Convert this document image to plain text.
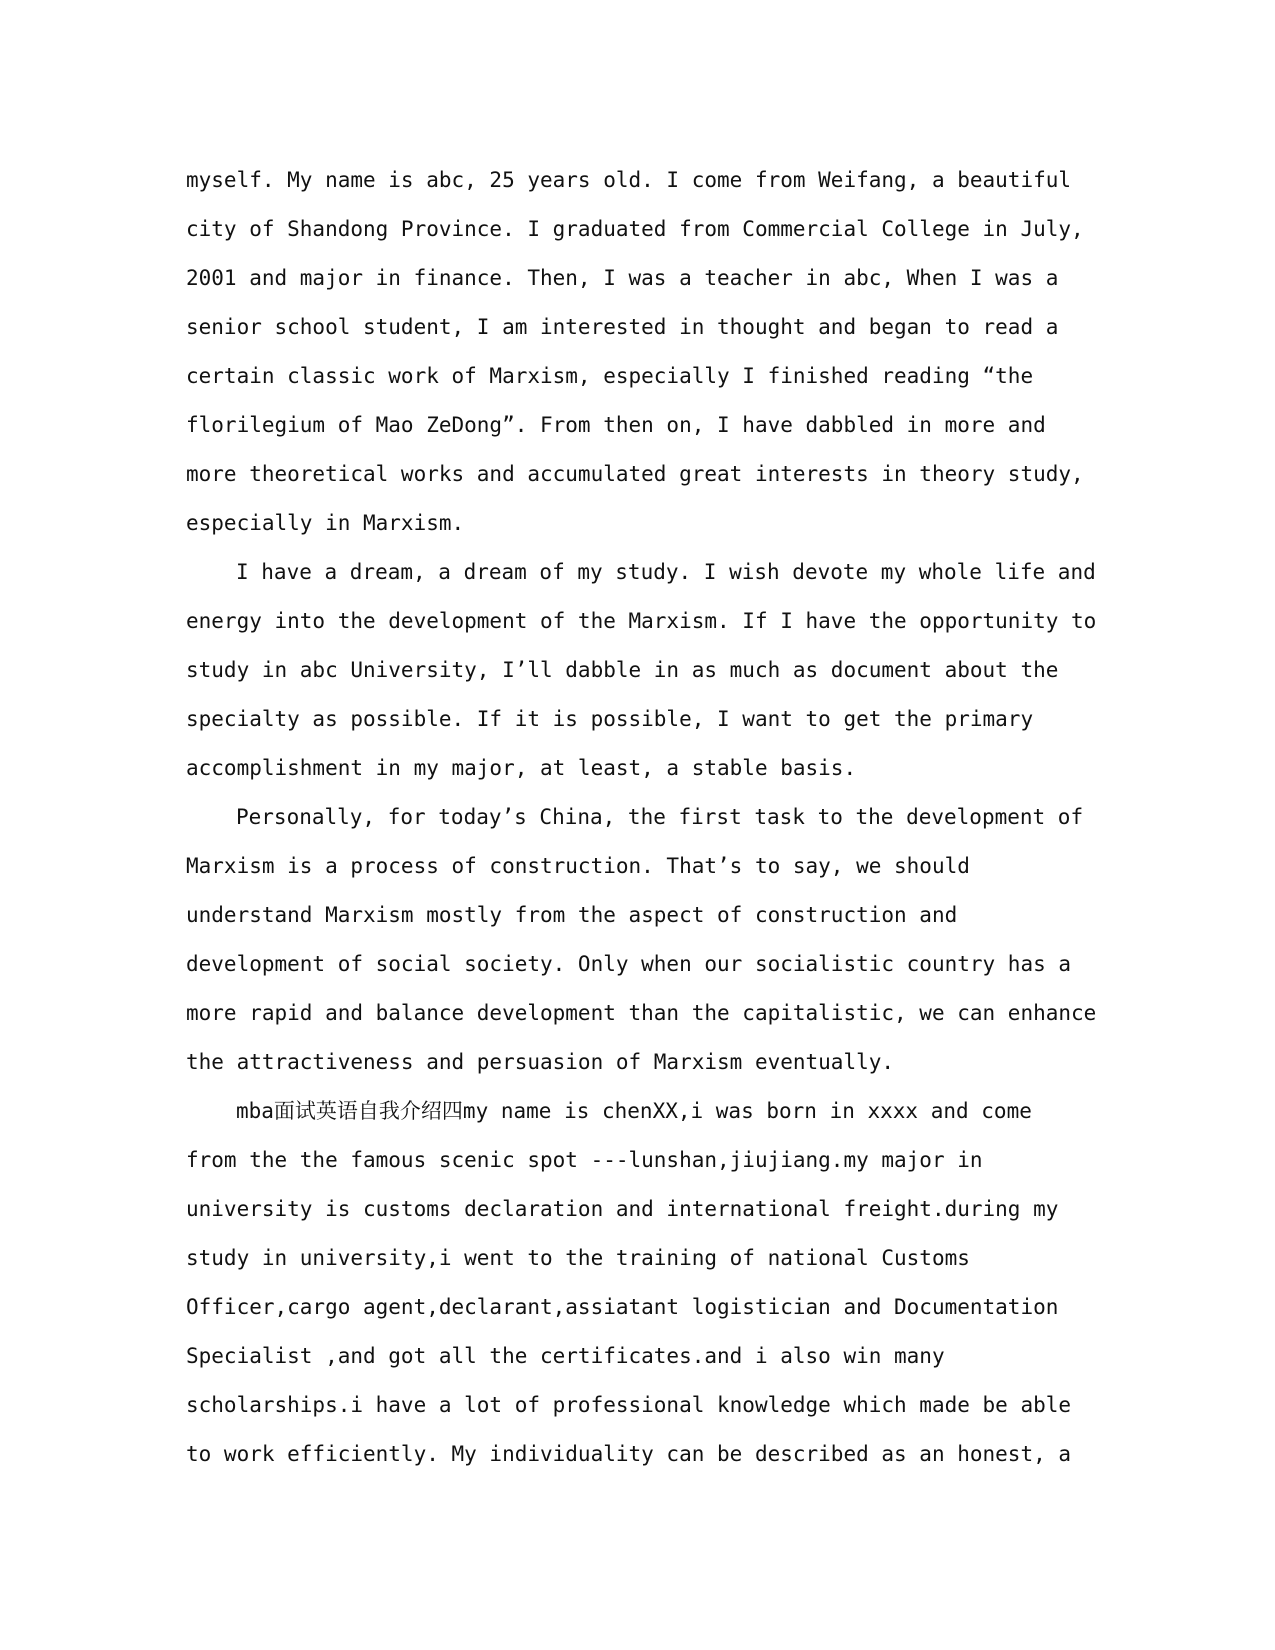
myself. My name is abc, 25 years old. I come from Weifang, a beautiful
city of Shandong Province. I graduated from Commercial College in July,
2001 and major in finance. Then, I was a teacher in abc, When I was a
senior school student, I am interested in thought and began to read a
certain classic work of Marxism, especially I finished reading “the
florilegium of Mao ZeDong”. From then on, I have dabbled in more and
more theoretical works and accumulated great interests in theory study,
especially in Marxism.
I have a dream, a dream of my study. I wish devote my whole life and
energy into the development of the Marxism. If I have the opportunity to
study in abc University, I’ll dabble in as much as document about the
specialty as possible. If it is possible, I want to get the primary
accomplishment in my major, at least, a stable basis.
Personally, for today’s China, the first task to the development of
Marxism is a process of construction. That’s to say, we should
understand Marxism mostly from the aspect of construction and
development of social society. Only when our socialistic country has a
more rapid and balance development than the capitalistic, we can enhance
the attractiveness and persuasion of Marxism eventually.
mba面试英语自我介绍四my name is chenXX,i was born in xxxx and come
from the the famous scenic spot ---lunshan,jiujiang.my major in
university is customs declaration and international freight.during my
study in university,i went to the training of national Customs
Officer,cargo agent,declarant,assiatant logistician and Documentation
Specialist ,and got all the certificates.and i also win many
scholarships.i have a lot of professional knowledge which made be able
to work efficiently. My individuality can be described as an honest, a
